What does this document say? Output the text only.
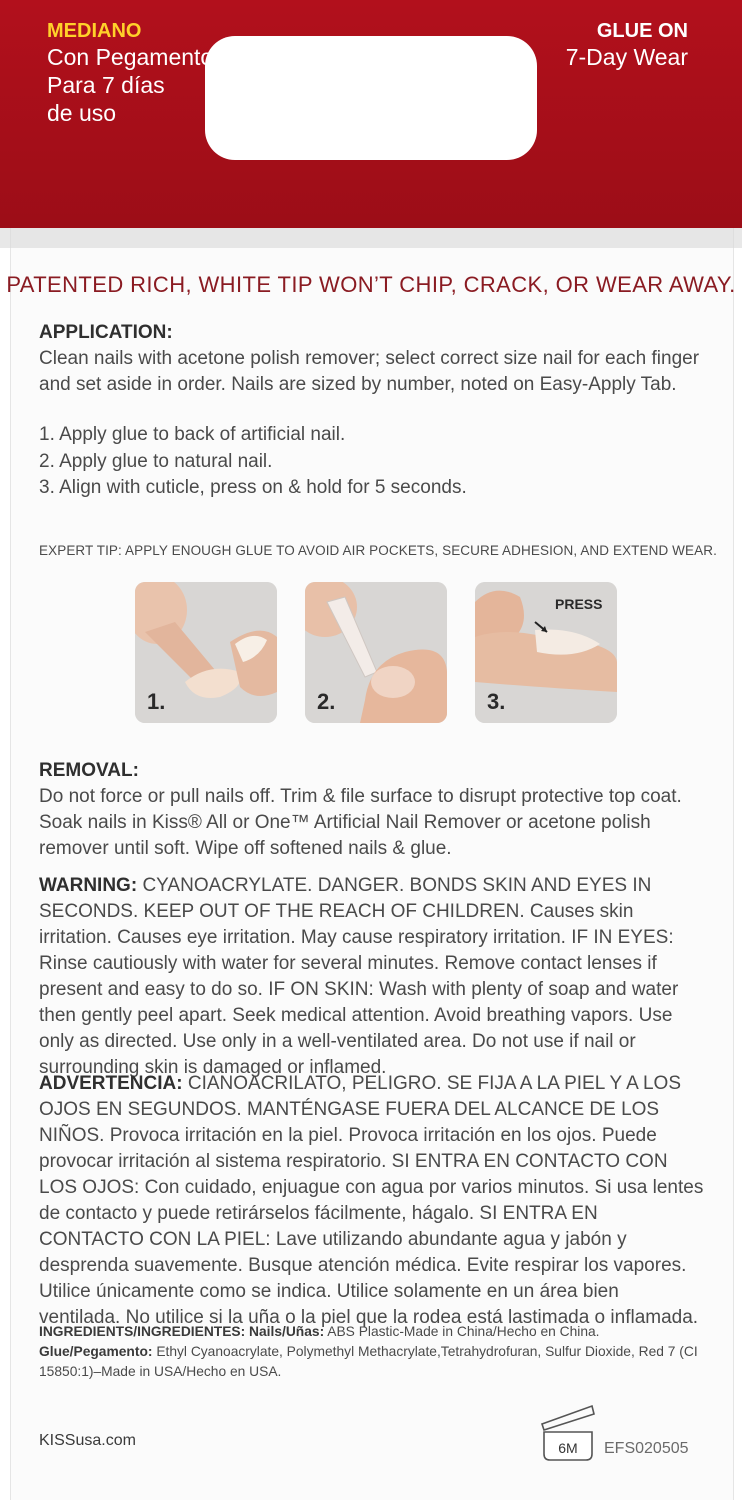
MEDIANO
Con Pegamento
Para 7 días
de uso
GLUE ON
7-Day Wear
PATENTED RICH, WHITE TIP WON’T CHIP, CRACK, OR WEAR AWAY.
APPLICATION:
Clean nails with acetone polish remover; select correct size nail for each finger and set aside in order. Nails are sized by number, noted on Easy-Apply Tab.
1. Apply glue to back of artificial nail.
2. Apply glue to natural nail.
3. Align with cuticle, press on & hold for 5 seconds.
EXPERT TIP: APPLY ENOUGH GLUE TO AVOID AIR POCKETS, SECURE ADHESION, AND EXTEND WEAR.
1.	2.
PRESS
3.
REMOVAL:
Do not force or pull nails off. Trim & file surface to disrupt protective top coat. Soak nails in Kiss® All or One™ Artificial Nail Remover or acetone polish remover until soft. Wipe off softened nails & glue.
WARNING: CYANOACRYLATE. DANGER. BONDS SKIN AND EYES IN SECONDS. KEEP OUT OF THE REACH OF CHILDREN. Causes skin irritation. Causes eye irritation. May cause respiratory irritation. IF IN EYES: Rinse cautiously with water for several minutes. Remove contact lenses if present and easy to do so. IF ON SKIN: Wash with plenty of soap and water then gently peel apart. Seek medical attention. Avoid breathing vapors. Use only as directed. Use only in a well-ventilated area. Do not use if nail or surrounding skin is damaged or inflamed.
ADVERTENCIA: CIANOACRILATO, PELIGRO. SE FIJA A LA PIEL Y A LOS OJOS EN SEGUNDOS. MANTÉNGASE FUERA DEL ALCANCE DE LOS NIÑOS. Provoca irritación en la piel. Provoca irritación en los ojos. Puede provocar irritación al sistema respiratorio. SI ENTRA EN CONTACTO CON LOS OJOS: Con cuidado, enjuague con agua por varios minutos. Si usa lentes de contacto y puede retirárselos fácilmente, hágalo. SI ENTRA EN CONTACTO CON LA PIEL: Lave utilizando abundante agua y jabón y desprenda suavemente. Busque atención médica. Evite respirar los vapores. Utilice únicamente como se indica. Utilice solamente en un área bien ventilada. No utilice si la uña o la piel que la rodea está lastimada o inflamada.
INGREDIENTS/INGREDIENTES: Nails/Uñas: ABS Plastic-Made in China/Hecho en China.
Glue/Pegamento: Ethyl Cyanoacrylate, Polymethyl Methacrylate,Tetrahydrofuran, Sulfur Dioxide, Red 7 (CI 15850:1)–Made in USA/Hecho en USA.
KISSusa.com	6M EFS020505
